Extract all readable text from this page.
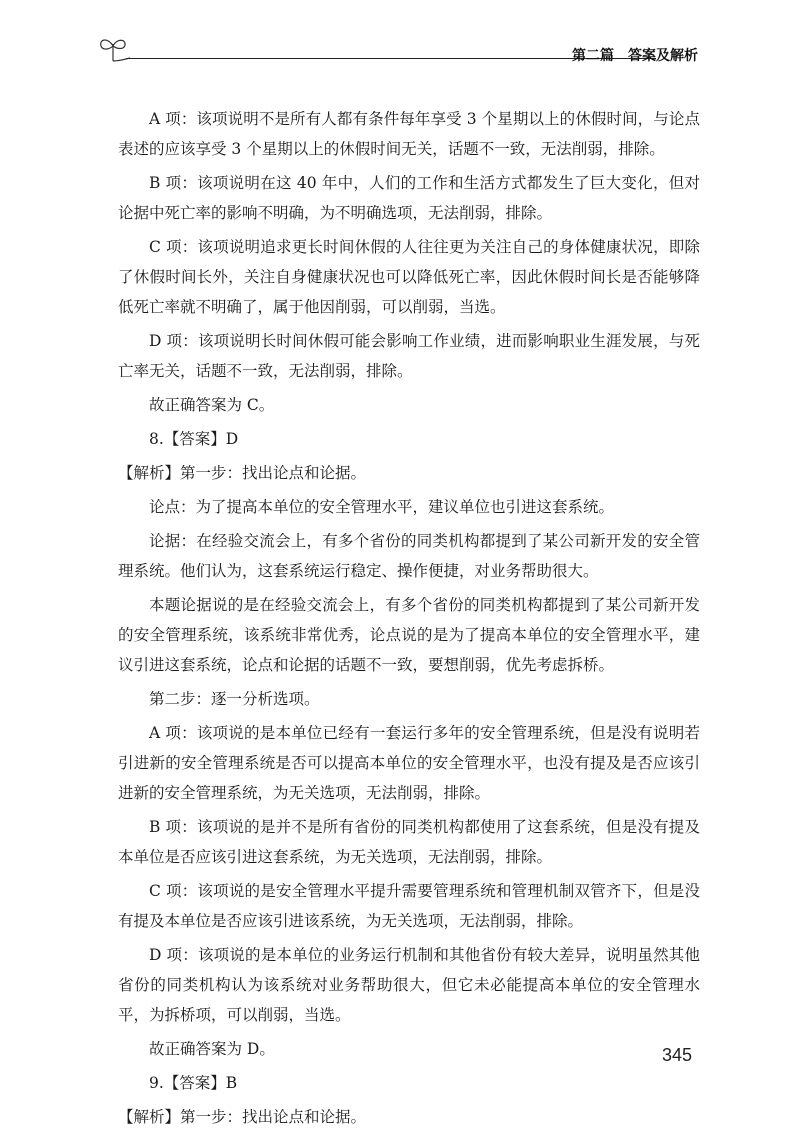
第二篇　答案及解析

A 项：该项说明不是所有人都有条件每年享受 3 个星期以上的休假时间，与论点表述的应该享受 3 个星期以上的休假时间无关，话题不一致，无法削弱，排除。

B 项：该项说明在这 40 年中，人们的工作和生活方式都发生了巨大变化，但对论据中死亡率的影响不明确，为不明确选项，无法削弱，排除。

C 项：该项说明追求更长时间休假的人往往更为关注自己的身体健康状况，即除了休假时间长外，关注自身健康状况也可以降低死亡率，因此休假时间长是否能够降低死亡率就不明确了，属于他因削弱，可以削弱，当选。

D 项：该项说明长时间休假可能会影响工作业绩，进而影响职业生涯发展，与死亡率无关，话题不一致，无法削弱，排除。

故正确答案为 C。

8.【答案】D

【解析】第一步：找出论点和论据。

论点：为了提高本单位的安全管理水平，建议单位也引进这套系统。

论据：在经验交流会上，有多个省份的同类机构都提到了某公司新开发的安全管理系统。他们认为，这套系统运行稳定、操作便捷，对业务帮助很大。

本题论据说的是在经验交流会上，有多个省份的同类机构都提到了某公司新开发的安全管理系统，该系统非常优秀，论点说的是为了提高本单位的安全管理水平，建议引进这套系统，论点和论据的话题不一致，要想削弱，优先考虑拆桥。

第二步：逐一分析选项。

A 项：该项说的是本单位已经有一套运行多年的安全管理系统，但是没有说明若引进新的安全管理系统是否可以提高本单位的安全管理水平，也没有提及是否应该引进新的安全管理系统，为无关选项，无法削弱，排除。

B 项：该项说的是并不是所有省份的同类机构都使用了这套系统，但是没有提及本单位是否应该引进这套系统，为无关选项，无法削弱，排除。

C 项：该项说的是安全管理水平提升需要管理系统和管理机制双管齐下，但是没有提及本单位是否应该引进该系统，为无关选项，无法削弱，排除。

D 项：该项说的是本单位的业务运行机制和其他省份有较大差异，说明虽然其他省份的同类机构认为该系统对业务帮助很大，但它未必能提高本单位的安全管理水平，为拆桥项，可以削弱，当选。

故正确答案为 D。

9.【答案】B

【解析】第一步：找出论点和论据。

345
